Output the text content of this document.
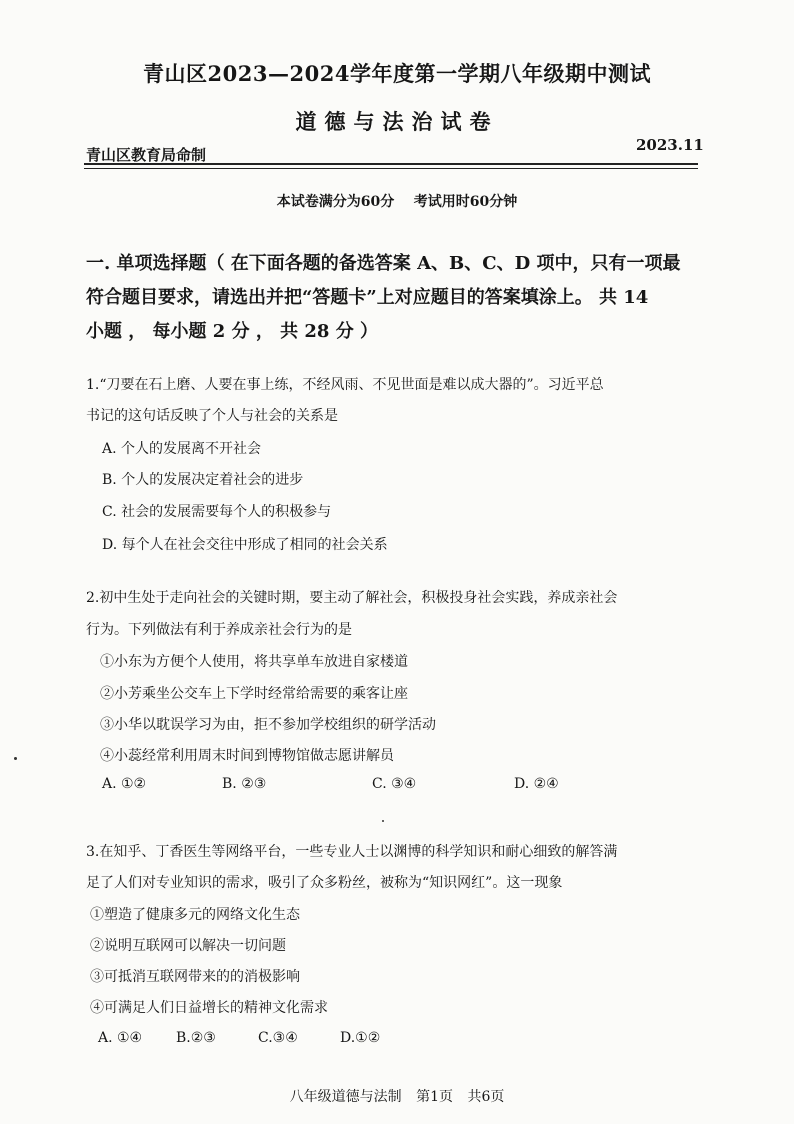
青山区2023—2024学年度第一学期八年级期中测试
道德与法治试卷
青山区教育局命制
2023.11
本试卷满分为60分    考试用时60分钟
一. 单项选择题（ 在下面各题的备选答案 A、B、C、D 项中，只有一项最
符合题目要求，请选出并把“答题卡”上对应题目的答案填涂上。 共 14
小题 ， 每小题 2 分 ， 共 28 分 ）
1.“刀要在石上磨、人要在事上练，不经风雨、不见世面是难以成大器的”。习近平总
书记的这句话反映了个人与社会的关系是
A. 个人的发展离不开社会
B. 个人的发展决定着社会的进步
C. 社会的发展需要每个人的积极参与
D. 每个人在社会交往中形成了相同的社会关系
2.初中生处于走向社会的关键时期，要主动了解社会，积极投身社会实践，养成亲社会
行为。下列做法有利于养成亲社会行为的是
①小东为方便个人使用，将共享单车放进自家楼道
②小芳乘坐公交车上下学时经常给需要的乘客让座
③小华以耽误学习为由，拒不参加学校组织的研学活动
④小蕊经常利用周末时间到博物馆做志愿讲解员
A. ①②	B. ②③	C. ③④	D. ②④
3.在知乎、丁香医生等网络平台，一些专业人士以渊博的科学知识和耐心细致的解答满
足了人们对专业知识的需求，吸引了众多粉丝，被称为“知识网红”。这一现象
①塑造了健康多元的网络文化生态
②说明互联网可以解决一切问题
③可抵消互联网带来的的消极影响
④可满足人们日益增长的精神文化需求
A. ①④ B.②③	C.③④	D.①②
八年级道德与法制 第1页 共6页
